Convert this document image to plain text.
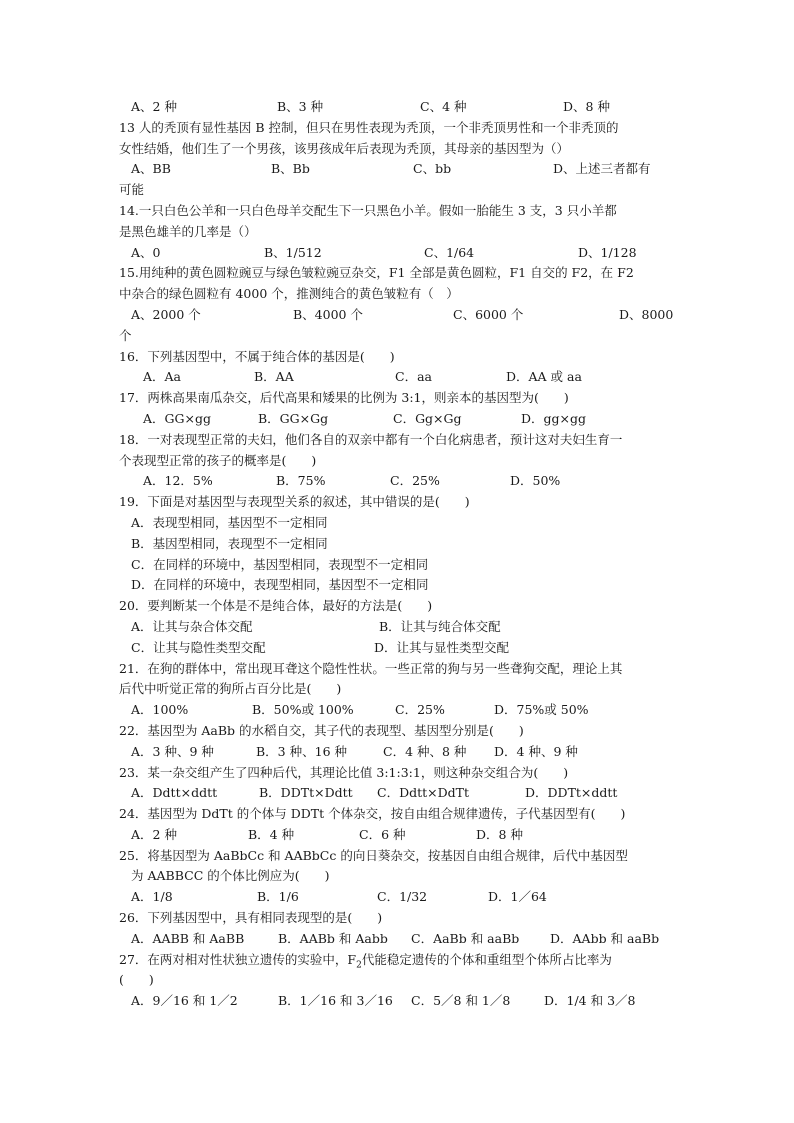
A、2 种	B、3 种	C、4 种	D、8 种
13 人的秃顶有显性基因 B 控制，但只在男性表现为秃顶，一个非秃顶男性和一个非秃顶的
女性结婚，他们生了一个男孩，该男孩成年后表现为秃顶，其母亲的基因型为（）
A、BB	B、Bb	C、bb	D、上述三者都有
可能
14.一只白色公羊和一只白色母羊交配生下一只黑色小羊。假如一胎能生 3 支，3 只小羊都
是黑色雄羊的几率是（）
A、0	B、1/512	C、1/64	D、1/128
15.用纯种的黄色圆粒豌豆与绿色皱粒豌豆杂交，F1 全部是黄色圆粒，F1 自交的 F2，在 F2
中杂合的绿色圆粒有 4000 个，推测纯合的黄色皱粒有（　）
A、2000 个	B、4000 个	C、6000 个	D、8000
个
16．下列基因型中，不属于纯合体的基因是(　　)
A．Aa	B．AA	C．aa	D．AA 或 aa
17．两株高果南瓜杂交，后代高果和矮果的比例为 3:1，则亲本的基因型为(　　)
A．GG×gg	B．GG×Gg	C．Gg×Gg	D．gg×gg
18．一对表现型正常的夫妇，他们各自的双亲中都有一个白化病患者，预计这对夫妇生育一
个表现型正常的孩子的概率是(　　)
A．12．5%	B．75%	C．25%	D．50%
19．下面是对基因型与表现型关系的叙述，其中错误的是(　　)
A．表现型相同，基因型不一定相同
B．基因型相同，表现型不一定相同
C．在同样的环境中，基因型相同，表现型不一定相同
D．在同样的环境中，表现型相同，基因型不一定相同
20．要判断某一个体是不是纯合体，最好的方法是(　　)
A．让其与杂合体交配	B．让其与纯合体交配
C．让其与隐性类型交配	D．让其与显性类型交配
21．在狗的群体中，常出现耳聋这个隐性性状。一些正常的狗与另一些聋狗交配，理论上其
后代中听觉正常的狗所占百分比是(　　)
A．100%	B．50%或 100%	C．25%	D．75%或 50%
22．基因型为 AaBb 的水稻自交，其子代的表现型、基因型分别是(　　)
A．3 种、9 种	B．3 种、16 种	C．4 种、8 种	D．4 种、9 种
23．某一杂交组产生了四种后代，其理论比值 3:1:3:1，则这种杂交组合为(　　)
A．Ddtt×ddtt	B．DDTt×Ddtt	C．Ddtt×DdTt	D．DDTt×ddtt
24．基因型为 DdTt 的个体与 DDTt 个体杂交，按自由组合规律遗传，子代基因型有(　　)
A．2 种	B．4 种	C．6 种	D．8 种
25．将基因型为 AaBbCc 和 AABbCc 的向日葵杂交，按基因自由组合规律，后代中基因型
为 AABBCC 的个体比例应为(　　)
A．1/8	B．1/6	C．1/32	D．1／64
26．下列基因型中，具有相同表现型的是(　　)
A．AABB 和 AaBB	B．AABb 和 Aabb	C．AaBb 和 aaBb	D．AAbb 和 aaBb
27．在两对相对性状独立遗传的实验中，$F_2$代能稳定遗传的个体和重组型个体所占比率为
(　　)
A．9／16 和 1／2	B．1／16 和 3／16	C．5／8 和 1／8	D．1/4 和 3／8
